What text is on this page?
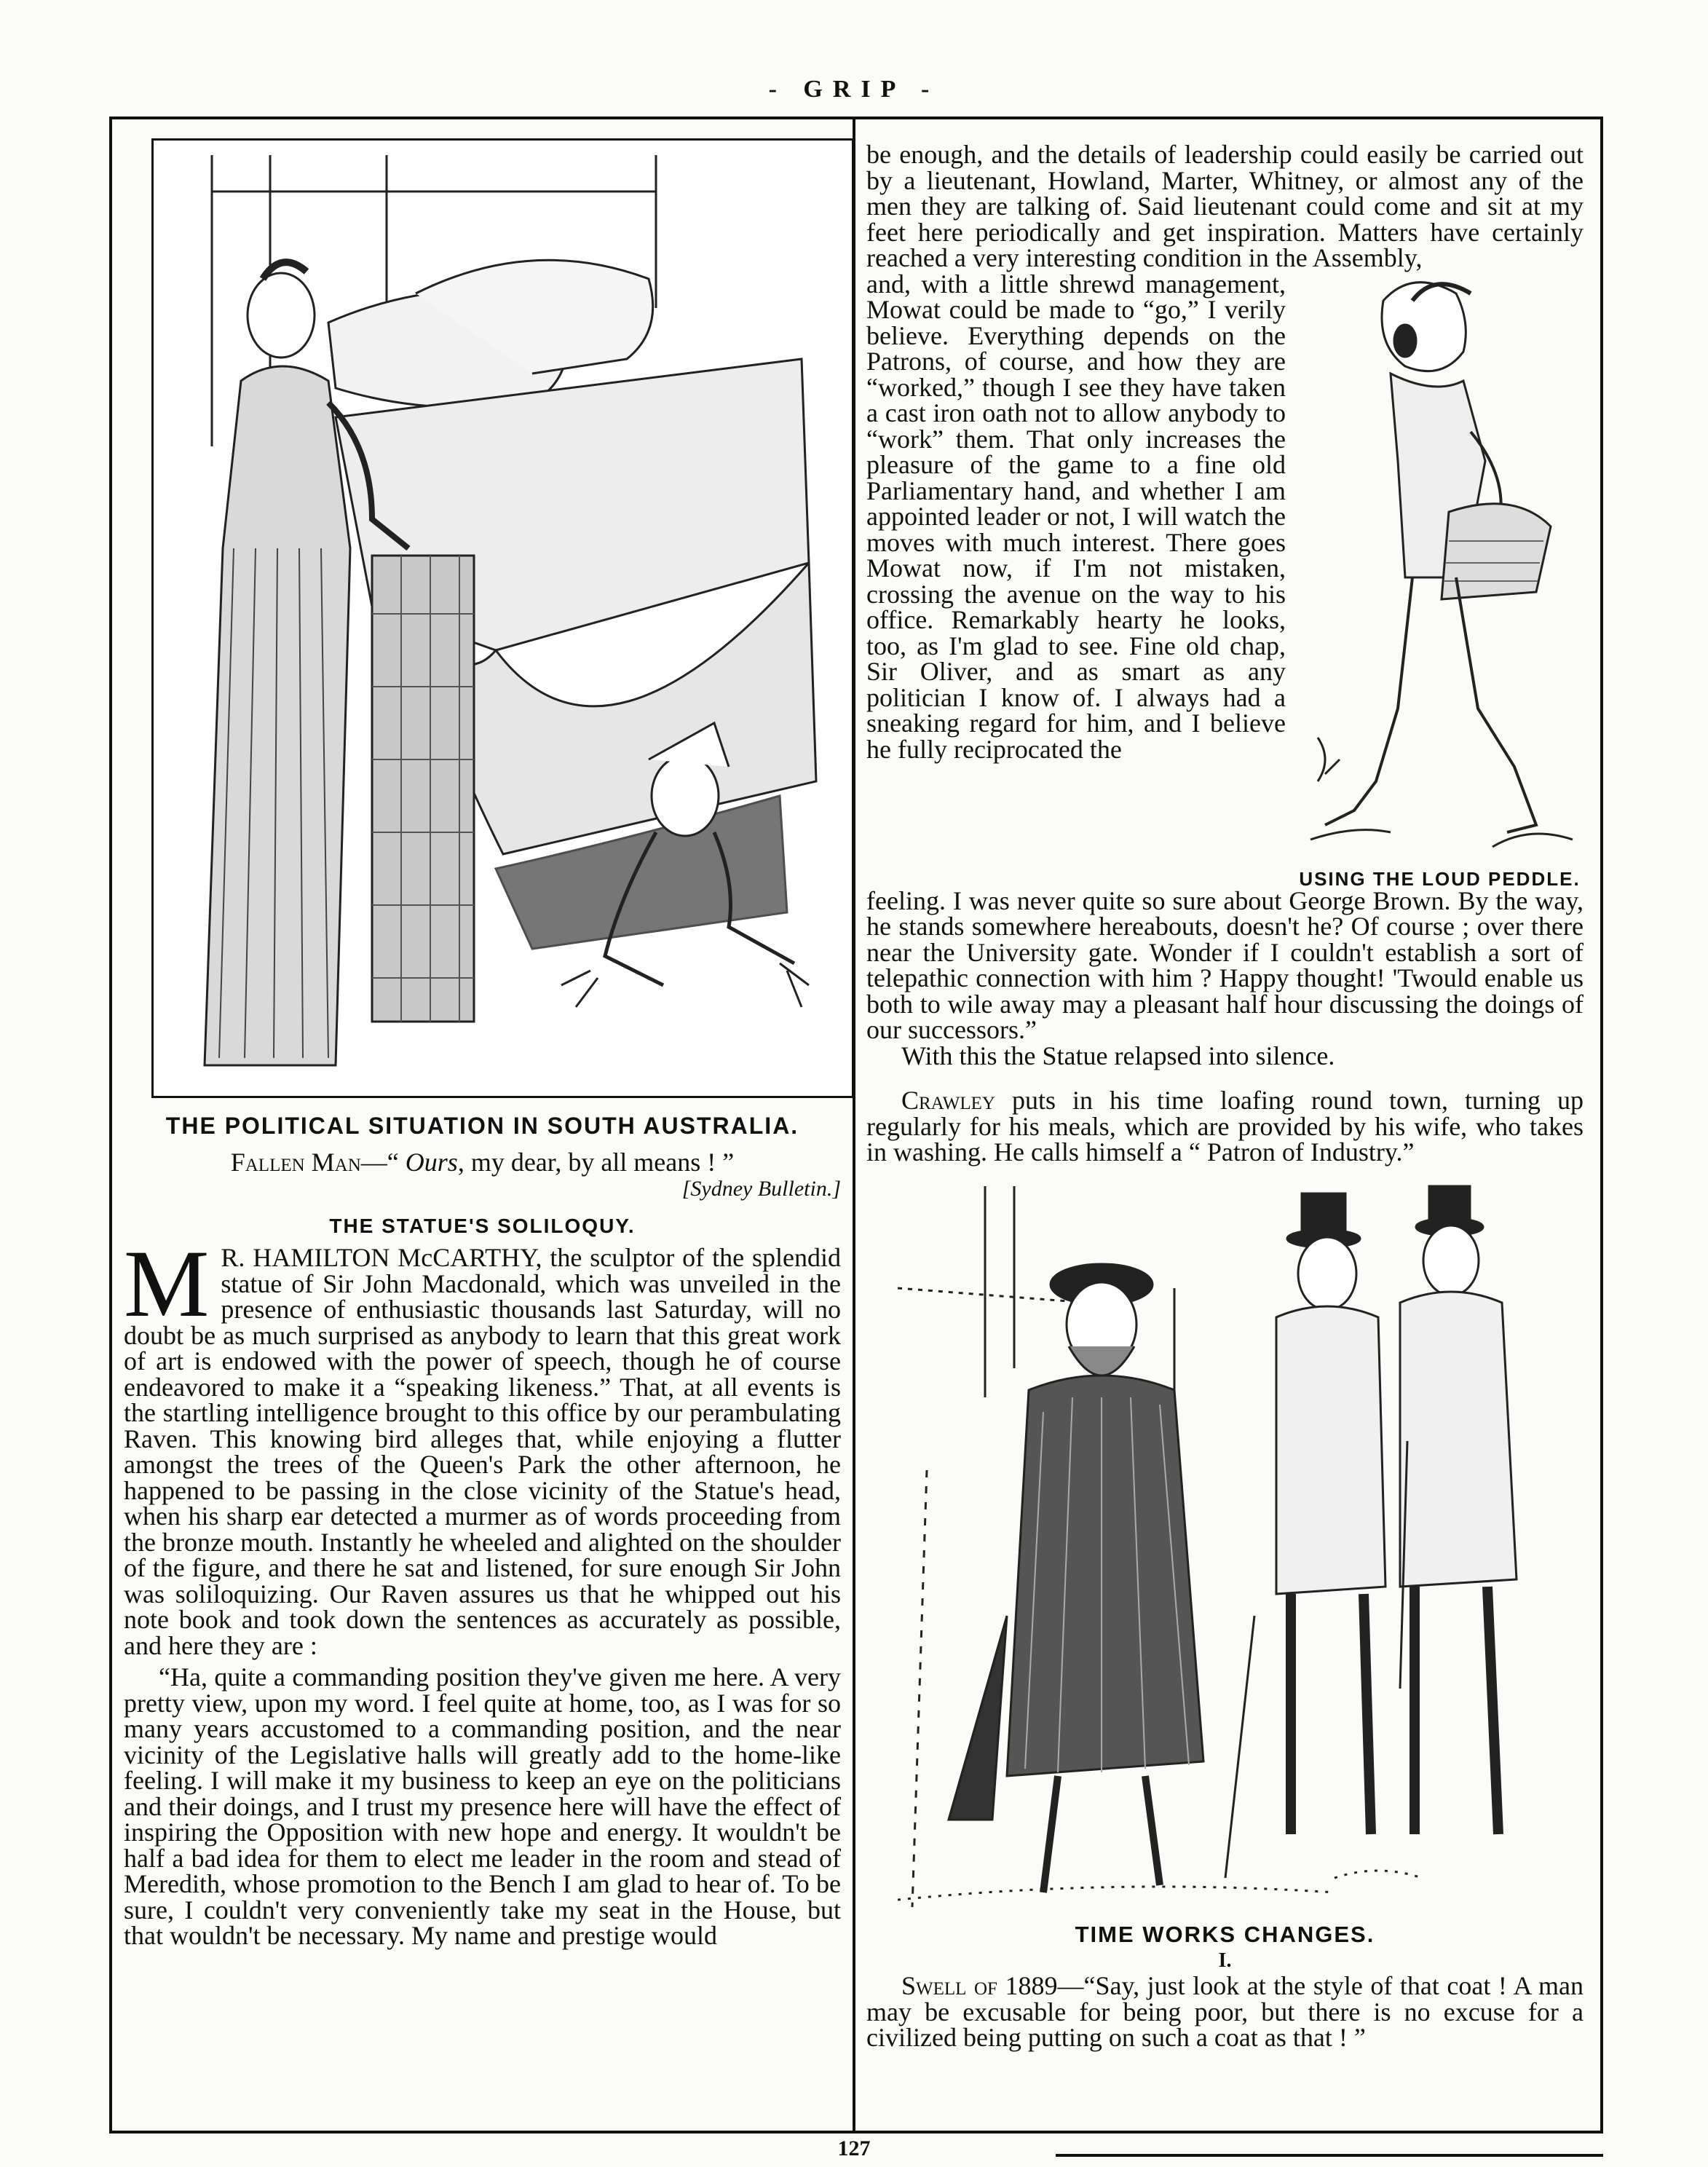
- GRIP -
THE POLITICAL SITUATION IN SOUTH AUSTRALIA.

Fallen Man—“ Ours, my dear, by all means ! ”

[Sydney Bulletin.]

THE STATUE'S SOLILOQUY.

M R. HAMILTON McCARTHY, the sculptor of the splendid statue of Sir John Macdonald, which was unveiled in the presence of enthusiastic thousands last Saturday, will no doubt be as much surprised as anybody to learn that this great work of art is endowed with the power of speech, though he of course endeavored to make it a “speaking likeness.” That, at all events is the startling intelligence brought to this office by our perambulating Raven. This knowing bird alleges that, while enjoying a flutter amongst the trees of the Queen's Park the other afternoon, he happened to be passing in the close vicinity of the Statue's head, when his sharp ear detected a murmer as of words proceeding from the bronze mouth. Instantly he wheeled and alighted on the shoulder of the figure, and there he sat and listened, for sure enough Sir John was soliloquizing. Our Raven assures us that he whipped out his note book and took down the sentences as accurately as possible, and here they are :

“Ha, quite a commanding position they've given me here. A very pretty view, upon my word. I feel quite at home, too, as I was for so many years accustomed to a commanding position, and the near vicinity of the Legislative halls will greatly add to the home-like feeling. I will make it my business to keep an eye on the politicians and their doings, and I trust my presence here will have the effect of inspiring the Opposition with new hope and energy. It wouldn't be half a bad idea for them to elect me leader in the room and stead of Meredith, whose promotion to the Bench I am glad to hear of. To be sure, I couldn't very conveniently take my seat in the House, but that wouldn't be necessary. My name and prestige would

be enough, and the details of leadership could easily be carried out by a lieutenant, Howland, Marter, Whitney, or almost any of the men they are talking of. Said lieutenant could come and sit at my feet here periodically and get inspiration. Matters have certainly reached a very interesting condition in the Assembly,

USING THE LOUD PEDDLE.

and, with a little shrewd management, Mowat could be made to “go,” I verily believe. Everything depends on the Patrons, of course, and how they are “worked,” though I see they have taken a cast iron oath not to allow anybody to “work” them. That only increases the pleasure of the game to a fine old Parliamentary hand, and whether I am appointed leader or not, I will watch the moves with much interest. There goes Mowat now, if I'm not mistaken, crossing the avenue on the way to his office. Remarkably hearty he looks, too, as I'm glad to see. Fine old chap, Sir Oliver, and as smart as any politician I know of. I always had a sneaking regard for him, and I believe he fully reciprocated the

feeling. I was never quite so sure about George Brown. By the way, he stands somewhere hereabouts, doesn't he? Of course ; over there near the University gate. Wonder if I couldn't establish a sort of telepathic connection with him ? Happy thought! 'Twould enable us both to wile away may a pleasant half hour discussing the doings of our successors.”

With this the Statue relapsed into silence.

Crawley puts in his time loafing round town, turning up regularly for his meals, which are provided by his wife, who takes in washing. He calls himself a “ Patron of Industry.”

TIME WORKS CHANGES.

I.

Swell of 1889—“Say, just look at the style of that coat ! A man may be excusable for being poor, but there is no excuse for a civilized being putting on such a coat as that ! ”

127
